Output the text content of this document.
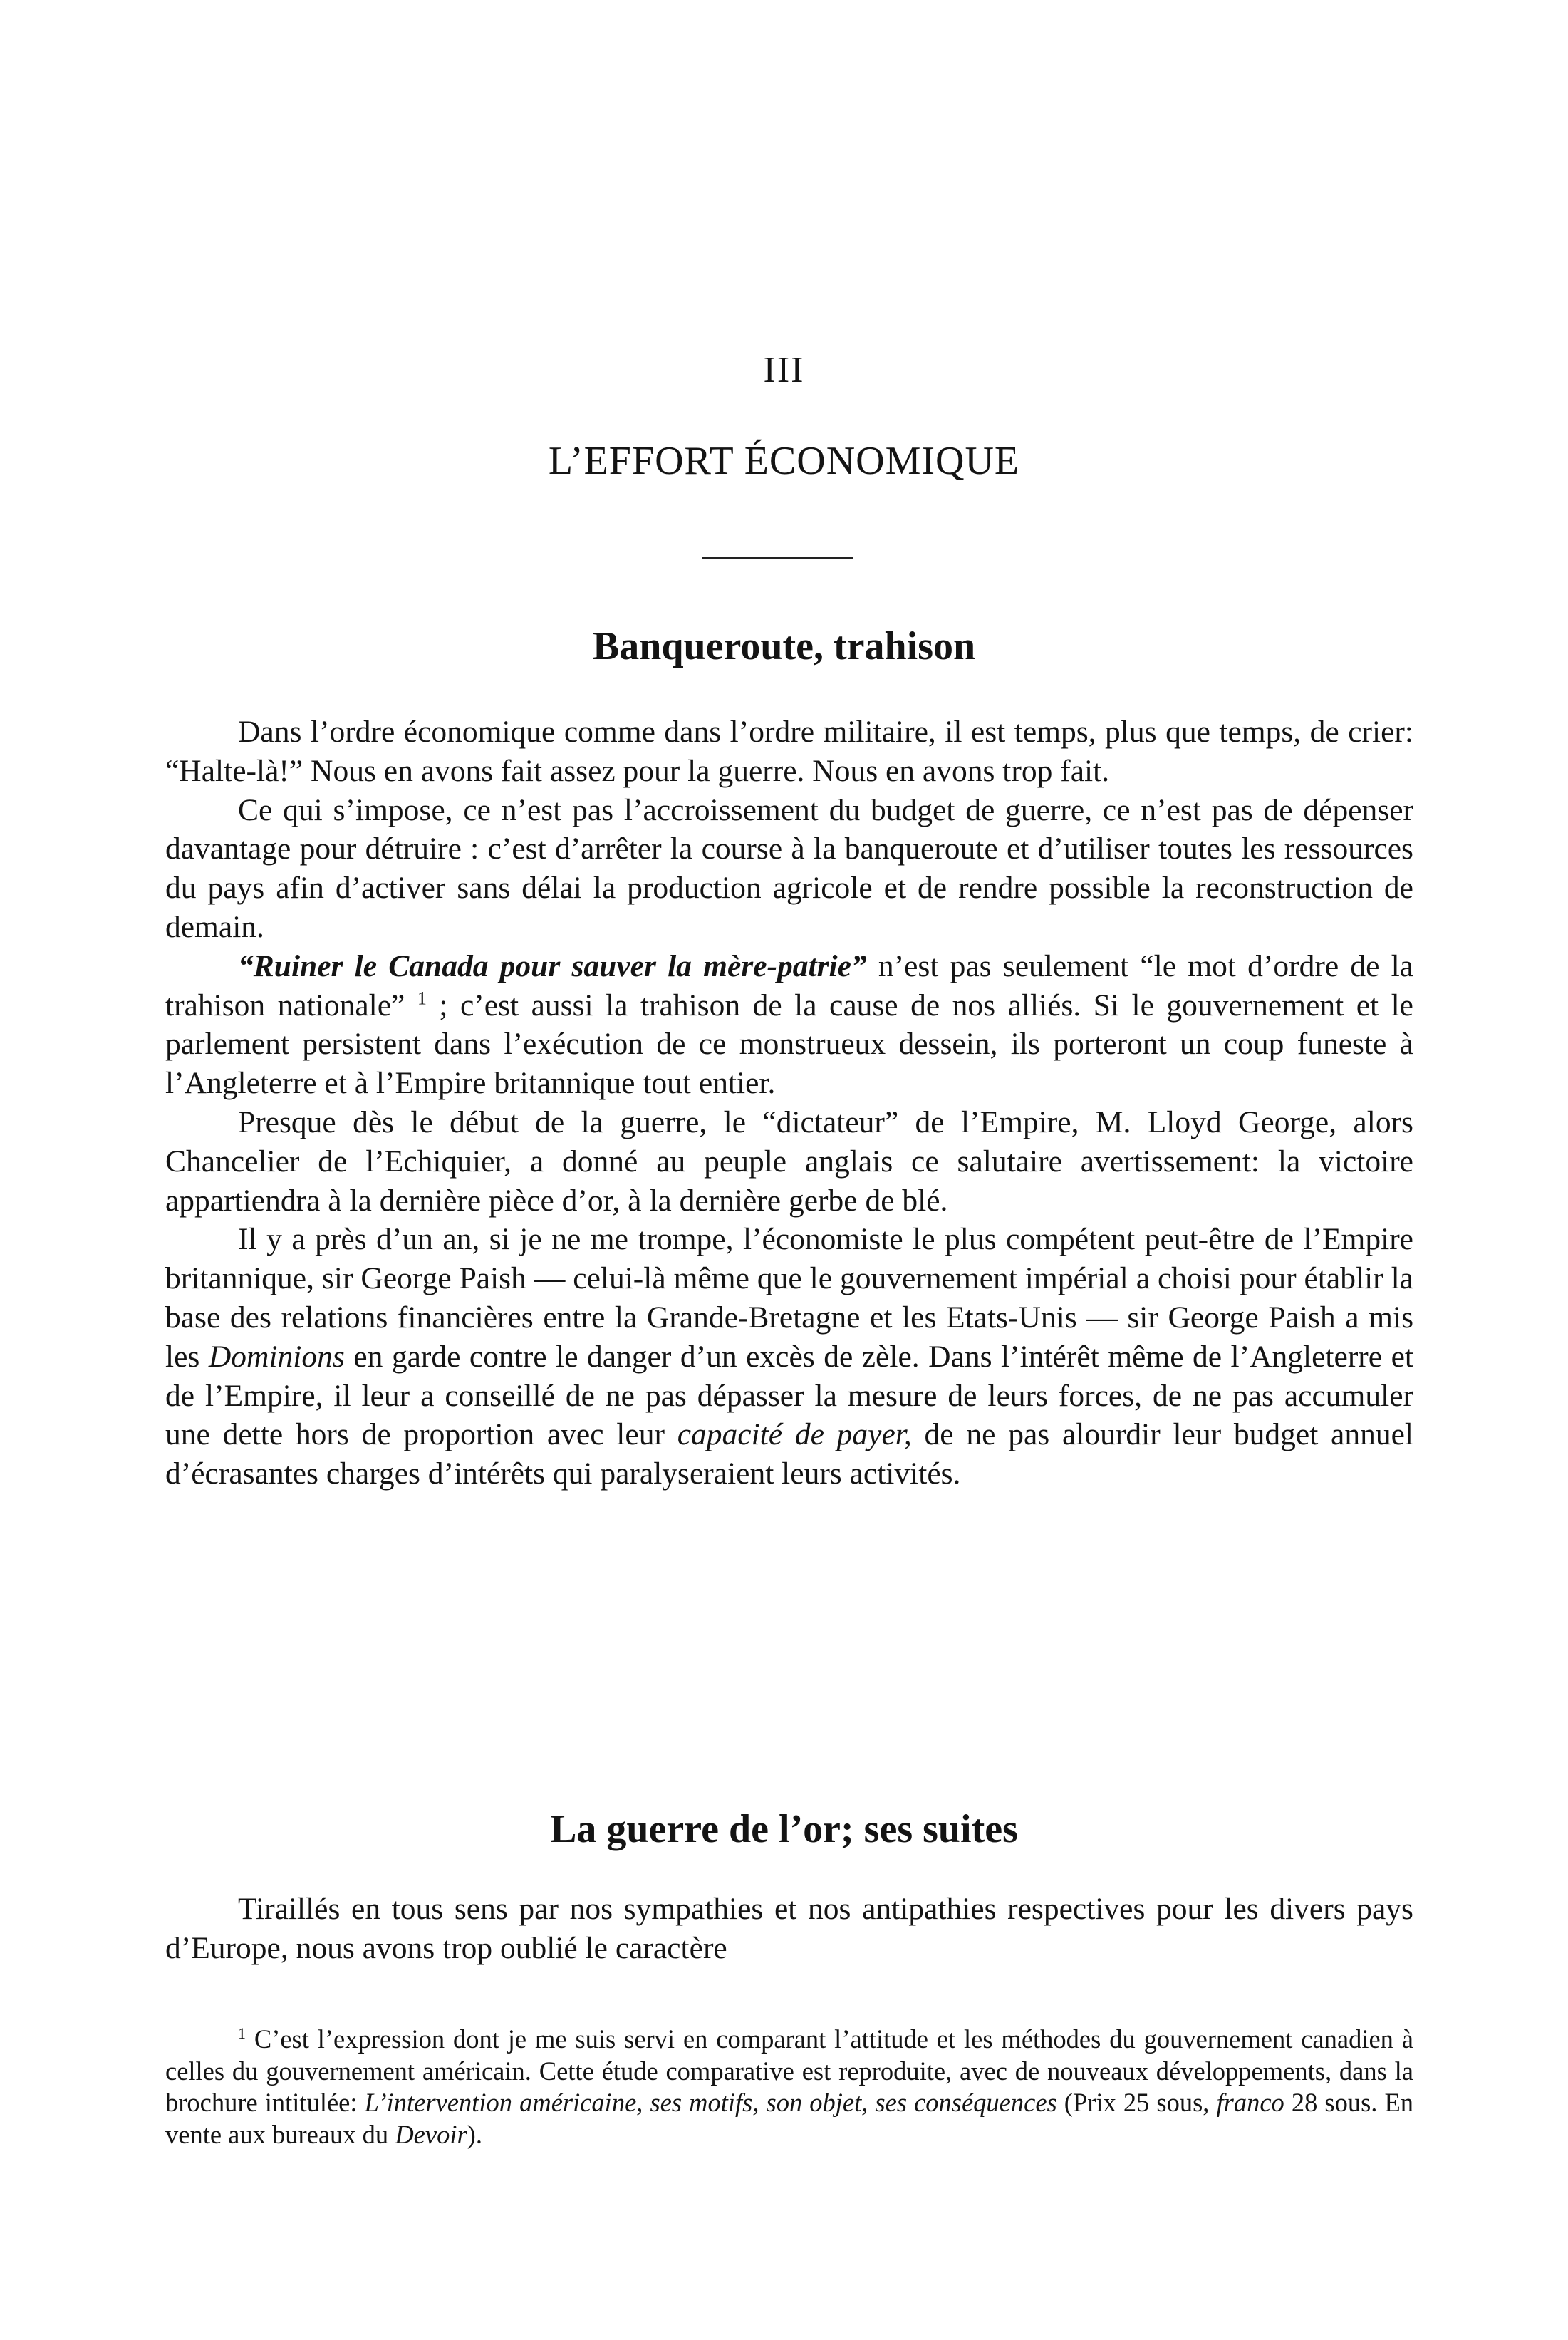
III
L’EFFORT ÉCONOMIQUE
Banqueroute, trahison

Dans l’ordre économique comme dans l’ordre militaire, il est temps, plus que temps, de crier: “Halte-là!” Nous en avons fait assez pour la guerre. Nous en avons trop fait.

Ce qui s’impose, ce n’est pas l’accroissement du budget de guerre, ce n’est pas de dépenser davantage pour détruire : c’est d’arrêter la course à la banqueroute et d’utiliser toutes les ressources du pays afin d’activer sans délai la production agricole et de rendre possible la reconstruction de demain.

“Ruiner le Canada pour sauver la mère-patrie” n’est pas seulement “le mot d’ordre de la trahison nationale” $^1$ ; c’est aussi la trahison de la cause de nos alliés. Si le gouvernement et le parlement persistent dans l’exécution de ce monstrueux dessein, ils porteront un coup funeste à l’Angleterre et à l’Empire britannique tout entier.

Presque dès le début de la guerre, le “dictateur” de l’Empire, M. Lloyd George, alors Chancelier de l’Echiquier, a donné au peuple anglais ce salutaire avertissement: la victoire appartiendra à la dernière pièce d’or, à la dernière gerbe de blé.

Il y a près d’un an, si je ne me trompe, l’économiste le plus compétent peut-être de l’Empire britannique, sir George Paish — celui-là même que le gouvernement impérial a choisi pour établir la base des relations financières entre la Grande-Bretagne et les Etats-Unis — sir George Paish a mis les Dominions en garde contre le danger d’un excès de zèle. Dans l’intérêt même de l’Angleterre et de l’Empire, il leur a conseillé de ne pas dépasser la mesure de leurs forces, de ne pas accumuler une dette hors de proportion avec leur capacité de payer, de ne pas alourdir leur budget annuel d’écrasantes charges d’intérêts qui paralyseraient leurs activités.

La guerre de l’or; ses suites

Tiraillés en tous sens par nos sympathies et nos antipathies respectives pour les divers pays d’Europe, nous avons trop oublié le caractère

$^1$ C’est l’expression dont je me suis servi en comparant l’attitude et les méthodes du gouvernement canadien à celles du gouvernement américain. Cette étude comparative est reproduite, avec de nouveaux développements, dans la brochure intitulée: L’intervention américaine, ses motifs, son objet, ses conséquences (Prix 25 sous, franco 28 sous. En vente aux bureaux du Devoir).
